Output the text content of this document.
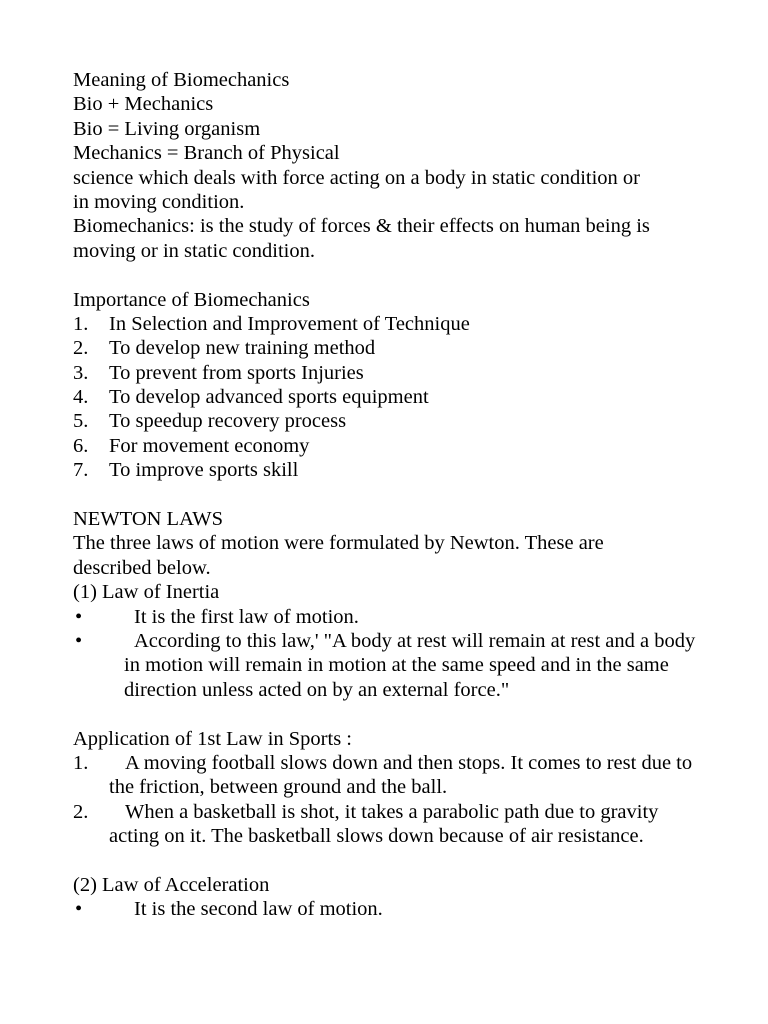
Meaning of Biomechanics
Bio + Mechanics
Bio = Living organism
Mechanics = Branch of Physical
science which deals with force acting on a body in static condition or
in moving condition.
Biomechanics: is the study of forces & their effects on human being is
moving or in static condition.
Importance of Biomechanics
1.	In Selection and Improvement of Technique
2.	To develop new training method
3.	To prevent from sports Injuries
4.	To develop advanced sports equipment
5.	To speedup recovery process
6.	For movement economy
7.	To improve sports skill
NEWTON LAWS
The three laws of motion were formulated by Newton. These are
described below.
(1) Law of Inertia
•	It is the first law of motion.
•	According to this law,' "A body at rest will remain at rest and a body in motion will remain in motion at the same speed and in the same direction unless acted on by an external force."
Application of 1st Law in Sports :
1.	A moving football slows down and then stops. It comes to rest due to the friction, between ground and the ball.
2.	When a basketball is shot, it takes a parabolic path due to gravity acting on it. The basketball slows down because of air resistance.
(2) Law of Acceleration
•	It is the second law of motion.
